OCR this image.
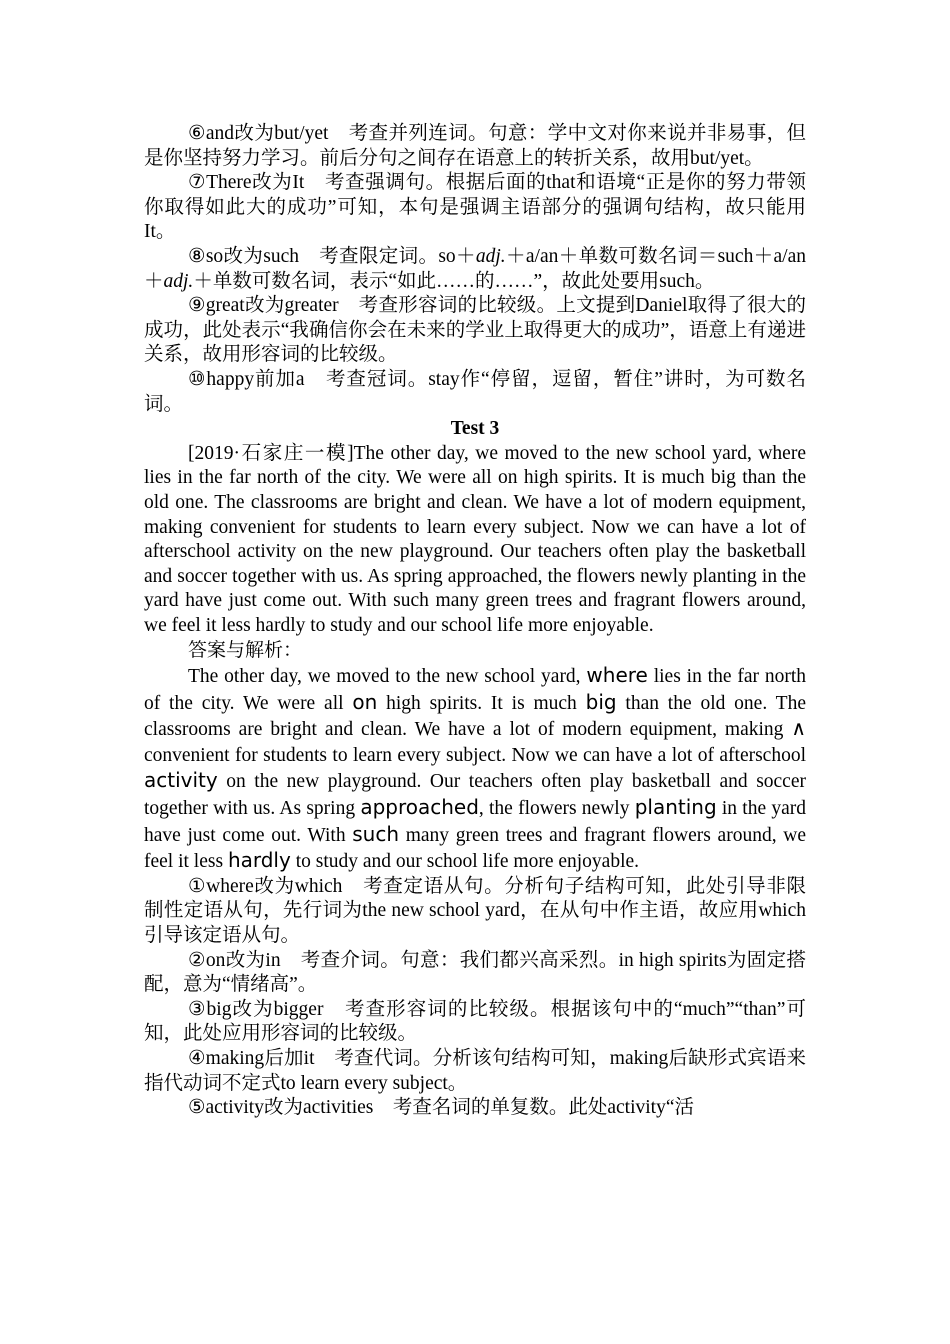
⑥and改为but/yet　考查并列连词。句意：学中文对你来说并非易事，但是你坚持努力学习。前后分句之间存在语意上的转折关系，故用but/yet。

⑦There改为It　考查强调句。根据后面的that和语境“正是你的努力带领你取得如此大的成功”可知，本句是强调主语部分的强调句结构，故只能用It。

⑧so改为such　考查限定词。so＋adj.＋a/an＋单数可数名词＝such＋a/an＋adj.＋单数可数名词，表示“如此……的……”，故此处要用such。

⑨great改为greater　考查形容词的比较级。上文提到Daniel取得了很大的成功，此处表示“我确信你会在未来的学业上取得更大的成功”，语意上有递进关系，故用形容词的比较级。

⑩happy前加a　考查冠词。stay作“停留，逗留，暂住”讲时，为可数名词。

Test 3

[2019·石家庄一模]The other day, we moved to the new school yard, where lies in the far north of the city. We were all on high spirits. It is much big than the old one. The classrooms are bright and clean. We have a lot of modern equipment, making convenient for students to learn every subject. Now we can have a lot of afterschool activity on the new playground. Our teachers often play the basketball and soccer together with us. As spring approached, the flowers newly planting in the yard have just come out. With such many green trees and fragrant flowers around, we feel it less hardly to study and our school life more enjoyable.

答案与解析：

The other day, we moved to the new school yard, where lies in the far north of the city. We were all on high spirits. It is much big than the old one. The classrooms are bright and clean. We have a lot of modern equipment, making ∧ convenient for students to learn every subject. Now we can have a lot of afterschool activity on the new playground. Our teachers often play basketball and soccer together with us. As spring approached, the flowers newly planting in the yard have just come out. With such many green trees and fragrant flowers around, we feel it less hardly to study and our school life more enjoyable.

①where改为which　考查定语从句。分析句子结构可知，此处引导非限制性定语从句，先行词为the new school yard，在从句中作主语，故应用which引导该定语从句。

②on改为in　考查介词。句意：我们都兴高采烈。in high spirits为固定搭配，意为“情绪高”。

③big改为bigger　考查形容词的比较级。根据该句中的“much”“than”可知，此处应用形容词的比较级。

④making后加it　考查代词。分析该句结构可知，making后缺形式宾语来指代动词不定式to learn every subject。

⑤activity改为activities　考查名词的单复数。此处activity“活
